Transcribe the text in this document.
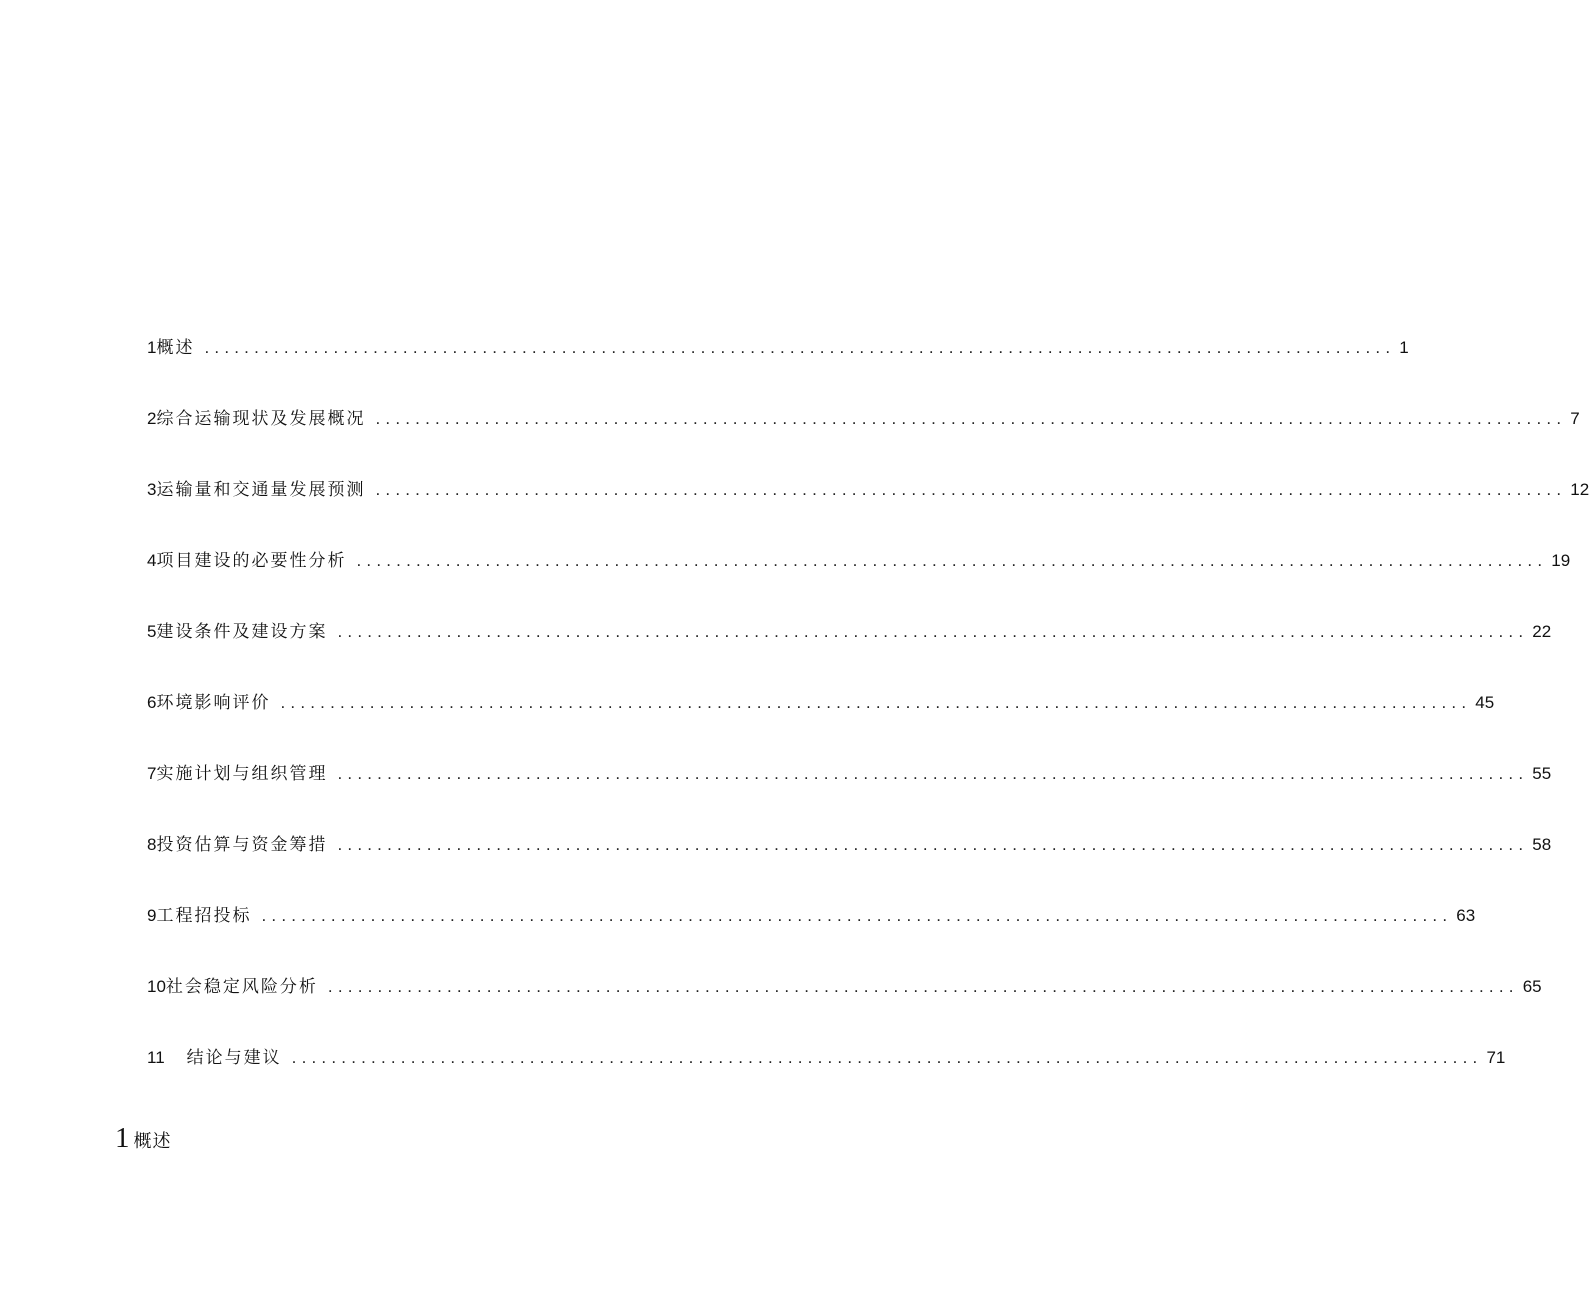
1 概述 ........................................................................................................................ 1
2 综合运输现状及发展概况 ........................................................................................................................ 7
3 运输量和交通量发展预测 ........................................................................................................................ 12
4 项目建设的必要性分析 ........................................................................................................................ 19
5 建设条件及建设方案 ........................................................................................................................ 22
6 环境影响评价 ........................................................................................................................ 45
7 实施计划与组织管理 ........................................................................................................................ 55
8 投资估算与资金筹措 ........................................................................................................................ 58
9 工程招投标 ........................................................................................................................ 63
10 社会稳定风险分析 ........................................................................................................................ 65
11 结论与建议 ........................................................................................................................ 71
1 概述
